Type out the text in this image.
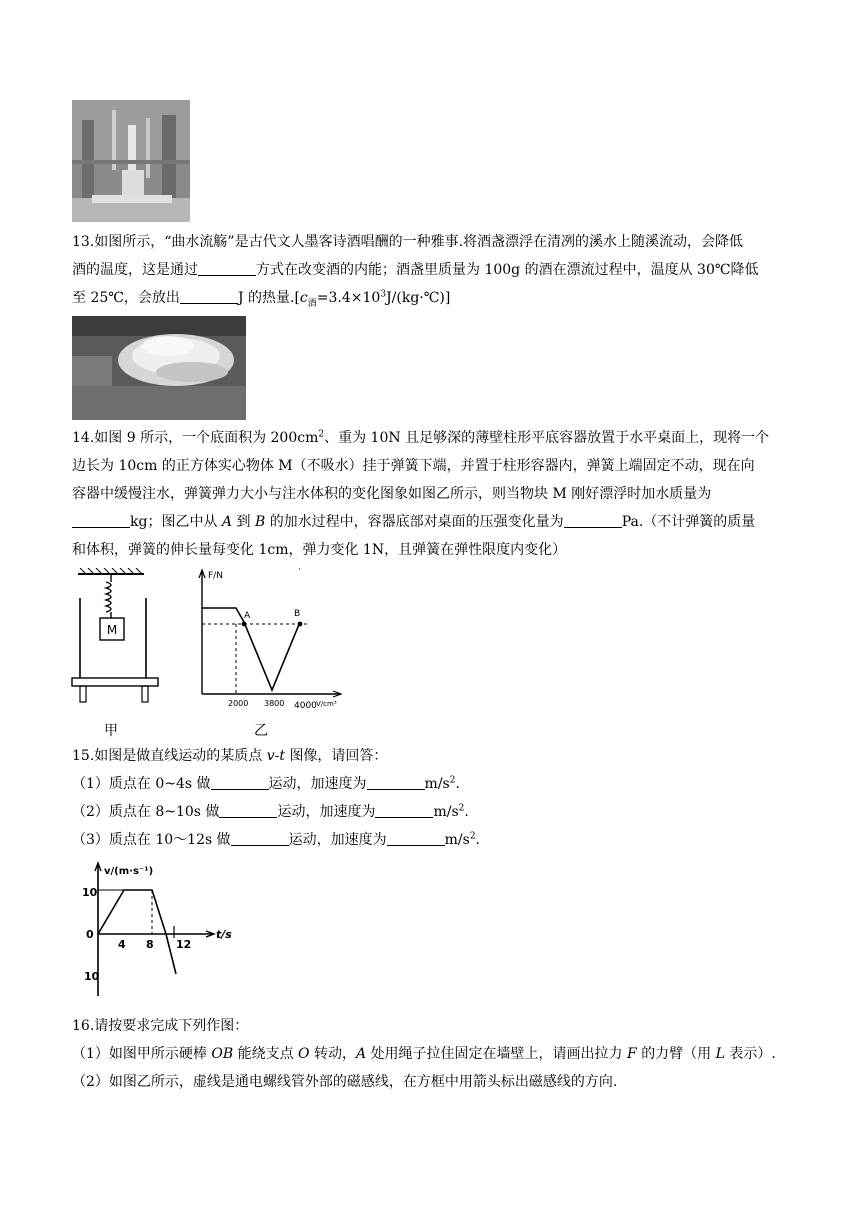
13.如图所示，“曲水流觞”是古代文人墨客诗酒唱酬的一种雅事.将酒盏漂浮在清冽的溪水上随溪流动，会降低
酒的温度，这是通过	方式在改变酒的内能；酒盏里质量为 100g 的酒在漂流过程中，温度从 30℃降低
至 25℃，会放出	J 的热量$.[c_酒=3.4\times 10^3J/(kg\cdot℃)]$
14.如图 9 所示，一个底面积为 $200cm^2$、重为 10N 且足够深的薄壁柱形平底容器放置于水平桌面上，现将一个
边长为 10cm 的正方体实心物体 M（不吸水）挂于弹簧下端，并置于柱形容器内，弹簧上端固定不动，现在向
容器中缓慢注水，弹簧弹力大小与注水体积的变化图象如图乙所示，则当物块 M 刚好漂浮时加水质量为
kg；图乙中从 A 到 B 的加水过程中，容器底部对桌面的压强变化量为	Pa.（不计弹簧的质量
和体积，弹簧的伸长量每变化 1cm，弹力变化 1N，且弹簧在弹性限度内变化）
M
甲
F/N
·
A	B
2000 3800 4000 V/cm³
乙
15.如图是做直线运动的某质点 v-t 图像，请回答：
（1）质点在 0~4s 做	运动，加速度为	$m/s^2$.
（2）质点在 8~10s 做	运动，加速度为	$m/s^2$.
（3）质点在 10～12s 做	运动，加速度为	$m/s^2$.
v/(m·s⁻¹)
t/s
10
10
0
4 8 12
16.请按要求完成下列作图：
（1）如图甲所示硬棒 OB 能绕支点 O 转动，A 处用绳子拉住固定在墙壁上，请画出拉力 F 的力臂（用 L 表示）.
（2）如图乙所示，虚线是通电螺线管外部的磁感线，在方框中用箭头标出磁感线的方向.
